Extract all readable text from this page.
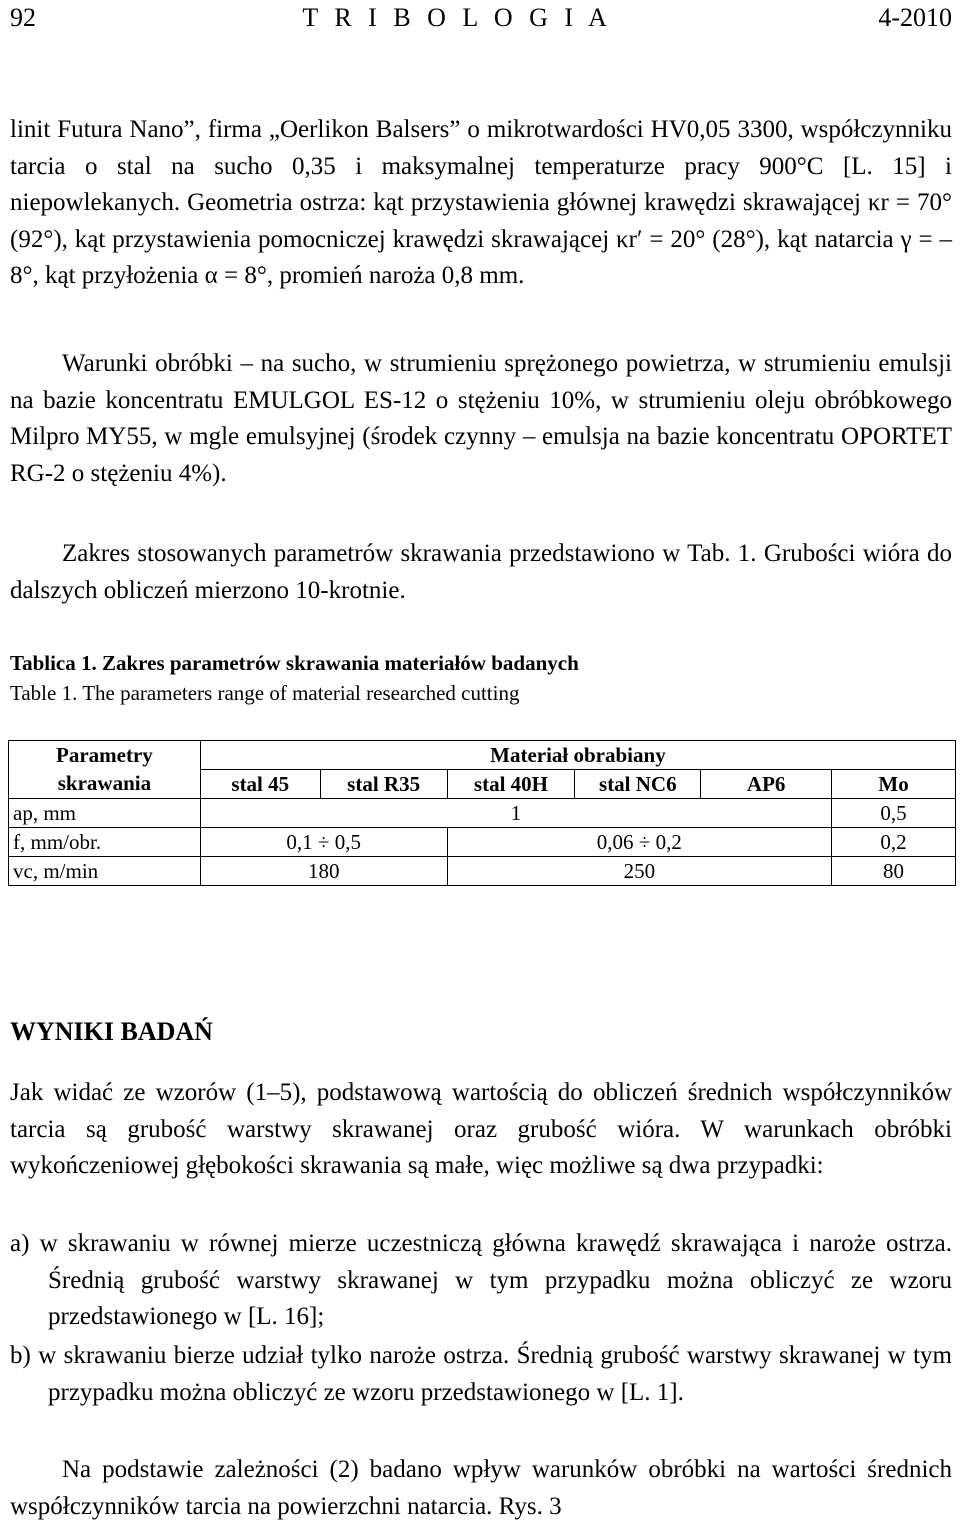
92	T R I B O L O G I A	4-2010

linit Futura Nano”, firma „Oerlikon Balsers” o mikrotwardości HV0,05 3300, współczynniku tarcia o stal na sucho 0,35 i maksymalnej temperaturze pracy 900°C [L. 15] i niepowlekanych. Geometria ostrza: kąt przystawienia głównej krawędzi skrawającej κr = 70° (92°), kąt przystawienia pomocniczej krawędzi skrawającej κr′ = 20° (28°), kąt natarcia γ = –8°, kąt przyłożenia α = 8°, promień naroża 0,8 mm.

Warunki obróbki – na sucho, w strumieniu sprężonego powietrza, w strumieniu emulsji na bazie koncentratu EMULGOL ES-12 o stężeniu 10%, w strumieniu oleju obróbkowego Milpro MY55, w mgle emulsyjnej (środek czynny – emulsja na bazie koncentratu OPORTET RG-2 o stężeniu 4%).

Zakres stosowanych parametrów skrawania przedstawiono w Tab. 1. Grubości wióra do dalszych obliczeń mierzono 10-krotnie.

Tablica 1. Zakres parametrów skrawania materiałów badanych

Table 1. The parameters range of material researched cutting

Parametry skrawania	Materiał obrabiany					
	stal 45	stal R35	stal 40H	stal NC6	AP6	Mo
ap, mm	1					0,5
f, mm/obr.	0,1 ÷ 0,5		0,06 ÷ 0,2			0,2
vc, m/min	180		250			80
WYNIKI BADAŃ

Jak widać ze wzorów (1–5), podstawową wartością do obliczeń średnich współczynników tarcia są grubość warstwy skrawanej oraz grubość wióra. W warunkach obróbki wykończeniowej głębokości skrawania są małe, więc możliwe są dwa przypadki:

a) w skrawaniu w równej mierze uczestniczą główna krawędź skrawająca i naroże ostrza. Średnią grubość warstwy skrawanej w tym przypadku można obliczyć ze wzoru przedstawionego w [L. 16];

b) w skrawaniu bierze udział tylko naroże ostrza. Średnią grubość warstwy skrawanej w tym przypadku można obliczyć ze wzoru przedstawionego w [L. 1].

Na podstawie zależności (2) badano wpływ warunków obróbki na wartości średnich współczynników tarcia na powierzchni natarcia. Rys. 3
